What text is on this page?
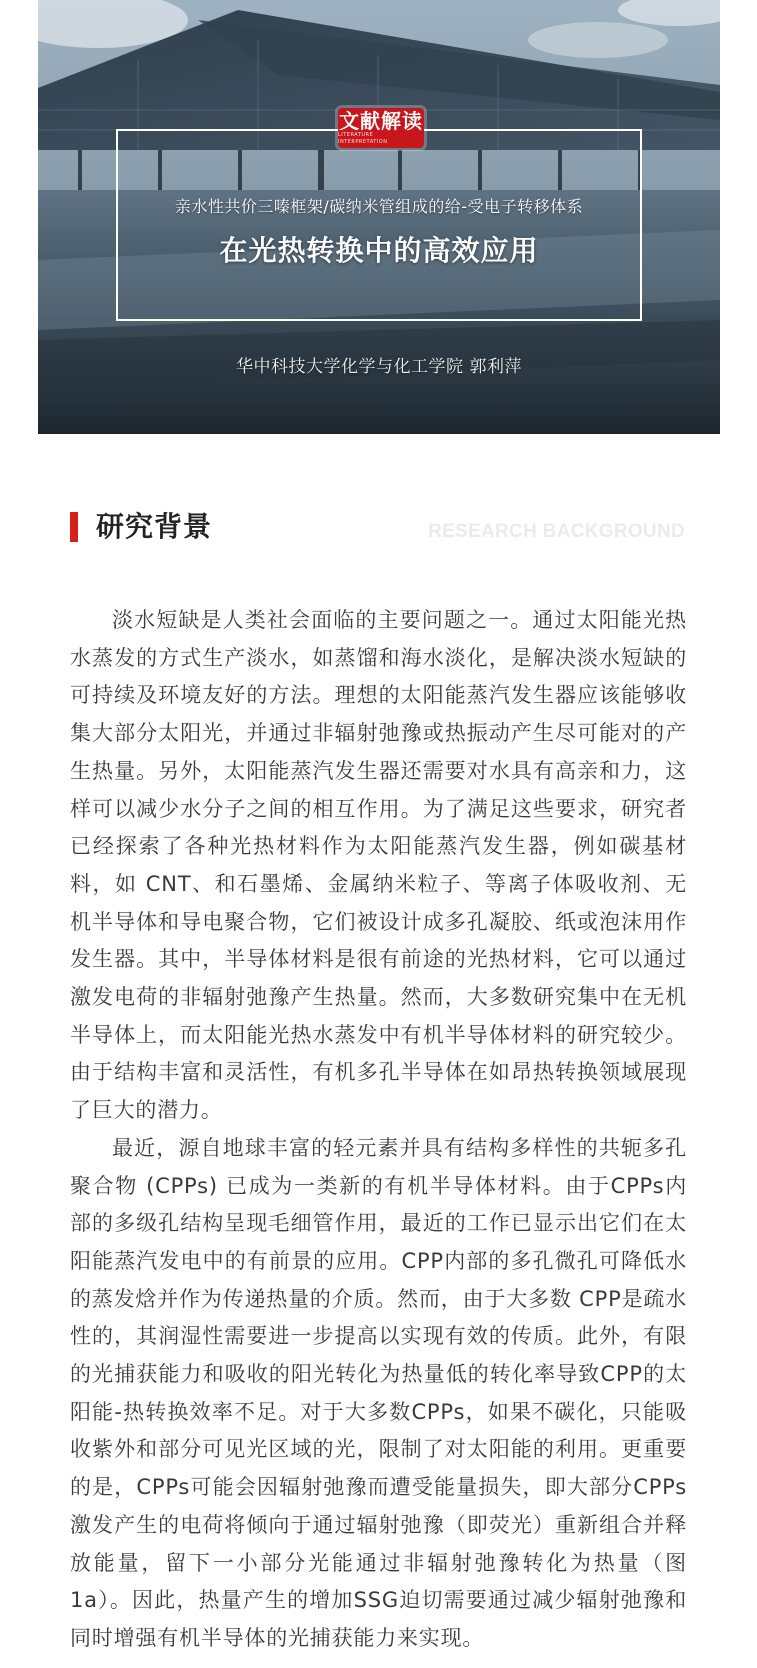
文献解读
LITERATURE INTERPRETATION
亲水性共价三嗪框架/碳纳米管组成的给-受电子转移体系
在光热转换中的高效应用
华中科技大学化学与化工学院 郭利萍
研究背景	RESEARCH BACKGROUND

淡水短缺是人类社会面临的主要问题之一。通过太阳能光热水蒸发的方式生产淡水，如蒸馏和海水淡化，是解决淡水短缺的可持续及环境友好的方法。理想的太阳能蒸汽发生器应该能够收集大部分太阳光，并通过非辐射弛豫或热振动产生尽可能对的产生热量。另外，太阳能蒸汽发生器还需要对水具有高亲和力，这样可以减少水分子之间的相互作用。为了满足这些要求，研究者已经探索了各种光热材料作为太阳能蒸汽发生器，例如碳基材料，如 CNT、和石墨烯、金属纳米粒子、等离子体吸收剂、无机半导体和导电聚合物，它们被设计成多孔凝胶、纸或泡沫用作发生器。其中，半导体材料是很有前途的光热材料，它可以通过激发电荷的非辐射弛豫产生热量。然而，大多数研究集中在无机半导体上，而太阳能光热水蒸发中有机半导体材料的研究较少。由于结构丰富和灵活性，有机多孔半导体在如昂热转换领域展现了巨大的潜力。

最近，源自地球丰富的轻元素并具有结构多样性的共轭多孔聚合物 (CPPs) 已成为一类新的有机半导体材料。由于CPPs内部的多级孔结构呈现毛细管作用，最近的工作已显示出它们在太阳能蒸汽发电中的有前景的应用。CPP内部的多孔微孔可降低水的蒸发焓并作为传递热量的介质。然而，由于大多数 CPP是疏水性的，其润湿性需要进一步提高以实现有效的传质。此外，有限的光捕获能力和吸收的阳光转化为热量低的转化率导致CPP的太阳能-热转换效率不足。对于大多数CPPs，如果不碳化，只能吸收紫外和部分可见光区域的光，限制了对太阳能的利用。更重要的是，CPPs可能会因辐射弛豫而遭受能量损失，即大部分CPPs激发产生的电荷将倾向于通过辐射弛豫（即荧光）重新组合并释放能量，留下一小部分光能通过非辐射弛豫转化为热量（图1a）。因此，热量产生的增加SSG迫切需要通过减少辐射弛豫和同时增强有机半导体的光捕获能力来实现。
